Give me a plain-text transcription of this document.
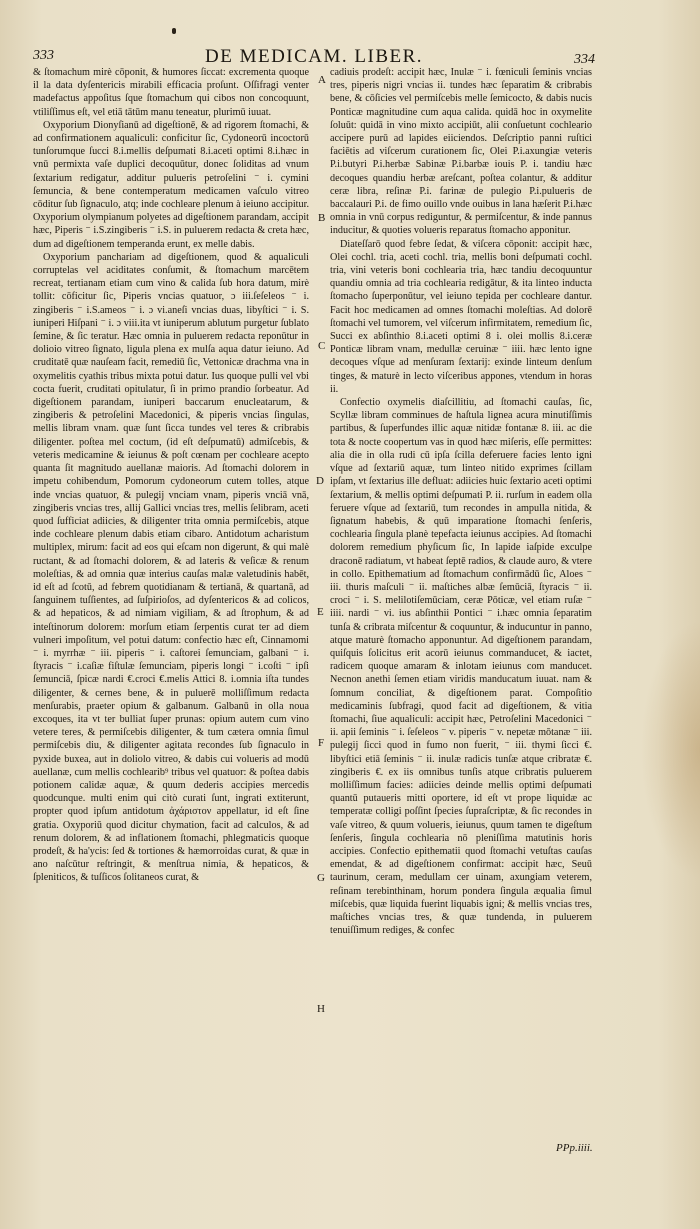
333	DE MEDICAM. LIBER.	334

& ſtomachum mirè cōponit, & humores ſiccat: excrementa quoque il la data dyſentericis mirabili efficacia proſunt. Oſſifragi venter madefactus appoſitus ſque ſtomachum qui cibos non concoquunt, vtiliſſimus eſt, vel etiā tātūm manu teneatur, plurimū iuuat.

Oxyporium Dionyſianū ad digeſtionē, & ad rigorem ſtomachi, & ad confirmationem aqualiculi: conficitur ſic, Cydoneorū incoctorū tunſorumque ſucci 8.i.mellis deſpumati 8.i.aceti optimi 8.i.hæc in vnū permixta vaſe duplici decoquūtur, donec ſoliditas ad vnum ſextarium redigatur, additur pulueris petroſelini ⁻ i. cymini ſemuncia, & bene contemperatum medicamen vaſculo vitreo cōditur ſub ſignaculo, atq; inde cochleare plenum à ieiuno accipitur. Oxyporium olympianum polyetes ad digeſtionem parandam, accipit hæc, Piperis ⁻ i.S.zingiberis ⁻ i.S. in puluerem redacta & creta hæc, dum ad digeſtionem temperanda erunt, ex melle dabis.

Oxyporium panchariam ad digeſtionem, quod & aqualiculi corruptelas vel aciditates conſumit, & ſtomachum marcētem recreat, tertianam etiam cum vino & calida ſub hora datum, mirè tollit: cōficitur ſic, Piperis vncias quatuor, ɔ iii.ſeſeleos ⁻ i. zingiberis ⁻ i.S.ameos ⁻ i. ɔ vi.aneſi vncias duas, libyſtici ⁻ i. S. iuniperi Hiſpani ⁻ i. ɔ viii.ita vt iuniperum ablutum purgetur ſublato ſemine, & ſic teratur. Hæc omnia in puluerem redacta reponūtur in dolioio vitreo ſignato, ligula plena ex mulſa aqua datur ieiuno. Ad cruditatē quæ nauſeam facit, remediū ſic, Vettonicæ drachma vna in oxymelitis cyathis tribus mixta potui datur. Ius quoque pulli vel vbi cocta fuerit, cruditati opitulatur, ſi in primo prandio ſorbeatur. Ad digeſtionem parandam, iuniperi baccarum enucleatarum, & zingiberis & petroſelini Macedonici, & piperis vncias ſingulas, mellis libram vnam. quæ ſunt ſicca tundes vel teres & cribrabis diligenter. poſtea mel coctum, (id eſt deſpumatū) admiſcebis, & veteris medicamine & ieiunus & poſt cœnam per cochleare acepto quanta ſit magnitudo auellanæ maioris. Ad ſtomachi dolorem in impetu cohibendum, Pomorum cydoneorum cutem tolles, atque inde vncias quatuor, & pulegij vnciam vnam, piperis vnciā vnā, zingiberis vncias tres, allij Gallici vncias tres, mellis ſelibram, aceti quod ſufficiat adiicies, & diligenter trita omnia permiſcebis, atque inde cochleare plenum dabis etiam cibaro. Antidotum acharistum multiplex, mirum: facit ad eos qui eſcam non digerunt, & qui malè ructant, & ad ſtomachi dolorem, & ad lateris & veſicæ & renum moleſtias, & ad omnia quæ interius cauſas malæ valetudinis habēt, id eſt ad ſcotū, ad febrem quotidianam & tertianā, & quartanā, ad ſanguinem tuſſientes, ad ſuſpirioſos, ad dyſentericos & ad colicos, & ad hepaticos, & ad nimiam vigiliam, & ad ſtrophum, & ad inteſtinorum dolorem: morſum etiam ſerpentis curat ter ad diem vulneri impoſitum, vel potui datum: confectio hæc eſt, Cinnamomi ⁻ i. myrrhæ ⁻ iii. piperis ⁻ i. caſtorei ſemunciam, galbani ⁻ i. ſtyracis ⁻ i.caſiæ fiſtulæ ſemunciam, piperis longi ⁻ i.coſti ⁻ ipſi ſemunciā, ſpicæ nardi €.croci €.melis Attici 8. i.omnia iſta tundes diligenter, & cernes bene, & in puluerē molliſſimum redacta menſurabis, praeter opium & galbanum. Galbanū in olla noua excoques, ita vt ter bulliat ſuper prunas: opium autem cum vino vetere teres, & permiſcebis diligenter, & tum cætera omnia ſimul permiſcebis diu, & diligenter agitata recondes ſub ſignaculo in pyxide buxea, aut in doliolo vitreo, & dabis cui volueris ad modū auellanæ, cum mellis cochlearib⁹ tribus vel quatuor: & poſtea dabis potionem calidæ aquæ, & quum dederis accipies mercedis quodcunque. multi enim qui citò curati ſunt, ingrati extiterunt, propter quod ipſum antidotum ἀχάριστον appellatur, id eſt ſine gratia. Oxyporiū quod dicitur chymation, facit ad calculos, & ad renum dolorem, & ad inflationem ſtomachi, phlegmaticis quoque prodeſt, & ha'ycis: ſed & tortiones & hæmorroidas curat, & quæ in ano naſcūtur reſtringit, & menſtrua nimia, & hepaticos, & ſpleniticos, & tuſſicos ſolitaneos curat, &

cadiuis prodeſt: accipit hæc, Inulæ ⁻ i. fœniculi ſeminis vncias tres, piperis nigri vncias ii. tundes hæc ſeparatim & cribrabis bene, & cōſicies vel permiſcebis melle ſemicocto, & dabis nucis Ponticæ magnitudine cum aqua calida. quidā hoc in oxymelite ſoluūt: quidā in vino mixto accipiūt, alii conſuetunt cochleario accipere purū ad lapides eiiciendos. Deſcriptio panni ruſtici faciētis ad viſcerum curationem ſic, Olei P.i.axungiæ veteris P.i.butyri P.i.herbæ Sabinæ P.i.barbæ iouis P. i. tandiu hæc decoques quandiu herbæ areſcant, poſtea colantur, & additur ceræ libra, reſinæ P.i. farinæ de pulegio P.i.pulueris de baccalauri P.i. de fimo ouillo vnde ouibus in lana hæſerit P.i.hæc omnia in vnū corpus rediguntur, & permiſcentur, & inde pannus inducitur, & quoties volueris reparatus ſtomacho apponitur.

Diateſſarō quod febre ſedat, & viſcera cōponit: accipit hæc, Olei cochl. tria, aceti cochl. tria, mellis boni deſpumati cochl. tria, vini veteris boni cochlearia tria, hæc tandiu decoquuntur quandiu omnia ad tria cochlearia redigātur, & ita linteo inducta ſtomacho ſuperponūtur, vel ieiuno tepida per cochleare dantur. Facit hoc medicamen ad omnes ſtomachi moleſtias. Ad dolorē ſtomachi vel tumorem, vel viſcerum infirmitatem, remedium ſic, Succi ex abſinthio 8.i.aceti optimi 8 i. olei mollis 8.i.ceræ Ponticæ libram vnam, medullæ ceruinæ ⁻ iiii. hæc lento igne decoques vſque ad menſuram ſextarij: exinde linteum denſum tinges, & maturè in lecto viſceribus appones, vtendum in horas ii.

Confectio oxymelis diaſcillitiu, ad ſtomachi cauſas, ſic, Scyllæ libram comminues de haſtula lignea acura minutiſſimis partibus, & ſuperfundes illic aquæ nitidæ fontanæ 8. iii. ac die tota & nocte coopertum vas in quod hæc miſeris, eſſe permittes: alia die in olla rudi cū ipſa ſcilla deferuere facies lento igni vſque ad ſextariū aquæ, tum linteo nitido exprimes ſcillam ipſam, vt ſextarius ille defluat: adiicies huic ſextario aceti optimi ſextarium, & mellis optimi deſpumati P. ii. rurſum in eadem olla feruere vſque ad ſextariū, tum recondes in ampulla nitida, & ſignatum habebis, & quū imparatione ſtomachi ſenſeris, cochlearia ſingula planè tepefacta ieiunus accipies. Ad ſtomachi dolorem remedium phyſicum ſic, In lapide iaſpide exculpe draconē radiatum, vt habeat ſeptē radios, & claude auro, & vtere in collo. Epithematium ad ſtomachum confirmādū ſic, Aloes ⁻ iii. thuris maſculi ⁻ ii. maſtiches albæ ſemūciā, ſtyracis ⁻ ii. croci ⁻ i. S. melilotiſemūciam, ceræ Pōticæ, vel etiam ruſæ ⁻ iiii. nardi ⁻ vi. ius abſinthii Pontici ⁻ i.hæc omnia ſeparatim tunſa & cribrata miſcentur & coquuntur, & inducuntur in panno, atque maturè ſtomacho apponuntur. Ad digeſtionem parandam, quiſquis ſolicitus erit acorū ieiunus commanducet, & iactet, radicem quoque amaram & inlotam ieiunus com manducet. Necnon anethi ſemen etiam viridis manducatum iuuat. nam & ſomnum conciliat, & digeſtionem parat. Compoſitio medicaminis ſubfragi, quod facit ad digeſtionem, & vitia ſtomachi, ſiue aqualiculi: accipit hæc, Petroſelini Macedonici ⁻ ii. apii ſeminis ⁻ i. ſeſeleos ⁻ v. piperis ⁻ v. nepetæ mōtanæ ⁻ iii. pulegij ſicci quod in fumo non fuerit, ⁻ iii. thymi ſicci €. libyſtici etiā ſeminis ⁻ ii. inulæ radicis tunſæ atque cribratæ €. zingiberis €. ex iis omnibus tunſis atque cribratis puluerem molliſſimum facies: adiicies deinde mellis optimi deſpumati quantū putaueris mitti oportere, id eſt vt prope liquidæ ac temperatæ colligi poſſint ſpecies ſupraſcriptæ, & ſic recondes in vaſe vitreo, & quum volueris, ieiunus, quum tamen te digeſtum ſenſeris, ſingula cochlearia nō pleniſſima matutinis horis accipies. Confectio epithematii quod ſtomachi vetuſtas cauſas emendat, & ad digeſtionem confirmat: accipit hæc, Seuū taurinum, ceram, medullam cer uinam, axungiam veterem, reſinam terebinthinam, horum pondera ſingula æqualia ſimul miſcebis, quæ liquida fuerint liquabis igni; & mellis vncias tres, maſtiches vncias tres, & quæ tundenda, in puluerem tenuiſſimum rediges, & confec

A
B
C
D
E
F
G
H
PPp.iiii.
